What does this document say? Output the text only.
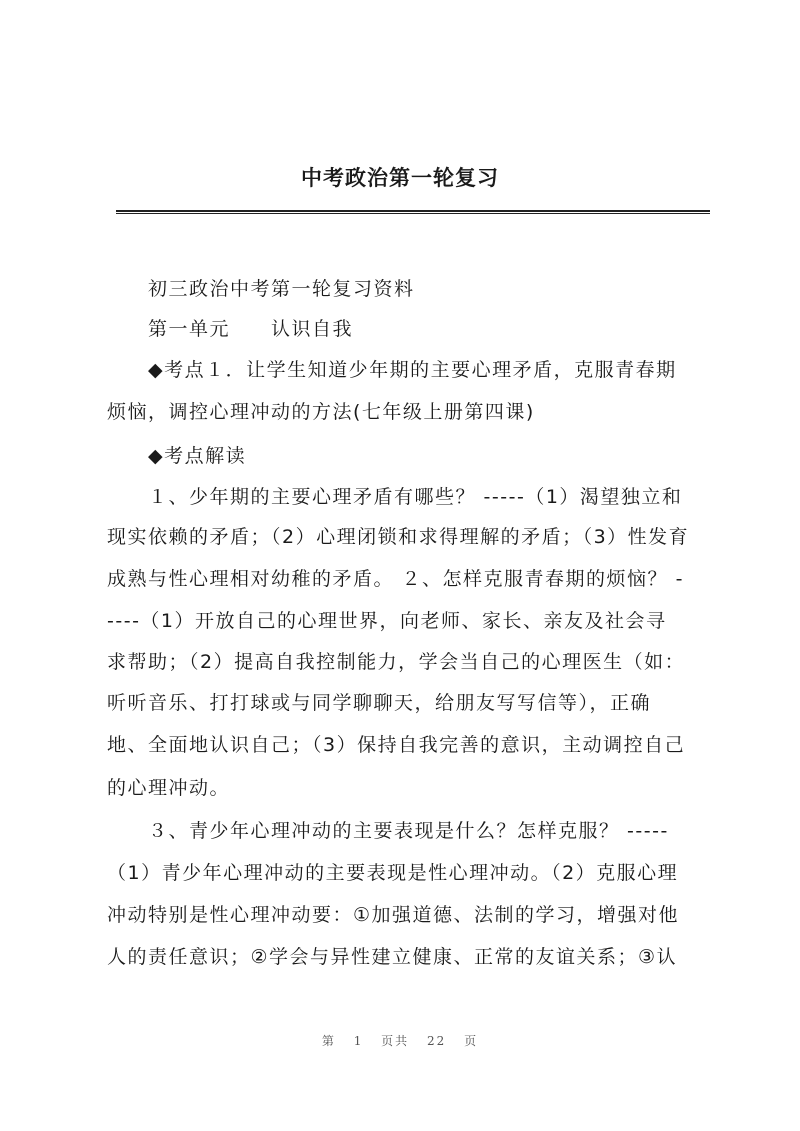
中考政治第一轮复习

　　初三政治中考第一轮复习资料

　　第一单元　　认识自我

　　◆考点１．让学生知道少年期的主要心理矛盾，克服青春期

烦恼，调控心理冲动的方法(七年级上册第四课)

　　◆考点解读

　　１、少年期的主要心理矛盾有哪些？ -----（1）渴望独立和

现实依赖的矛盾；（2）心理闭锁和求得理解的矛盾；（3）性发育

成熟与性心理相对幼稚的矛盾。 ２、怎样克服青春期的烦恼？ -

----（1）开放自己的心理世界，向老师、家长、亲友及社会寻

求帮助；（2）提高自我控制能力，学会当自己的心理医生（如：

听听音乐、打打球或与同学聊聊天，给朋友写写信等），正确

地、全面地认识自己；（3）保持自我完善的意识，主动调控自己

的心理冲动。

　　３、青少年心理冲动的主要表现是什么？怎样克服？ -----

（1）青少年心理冲动的主要表现是性心理冲动。（2）克服心理

冲动特别是性心理冲动要：①加强道德、法制的学习，增强对他

人的责任意识；②学会与异性建立健康、正常的友谊关系；③认

第 1 页共 22 页
